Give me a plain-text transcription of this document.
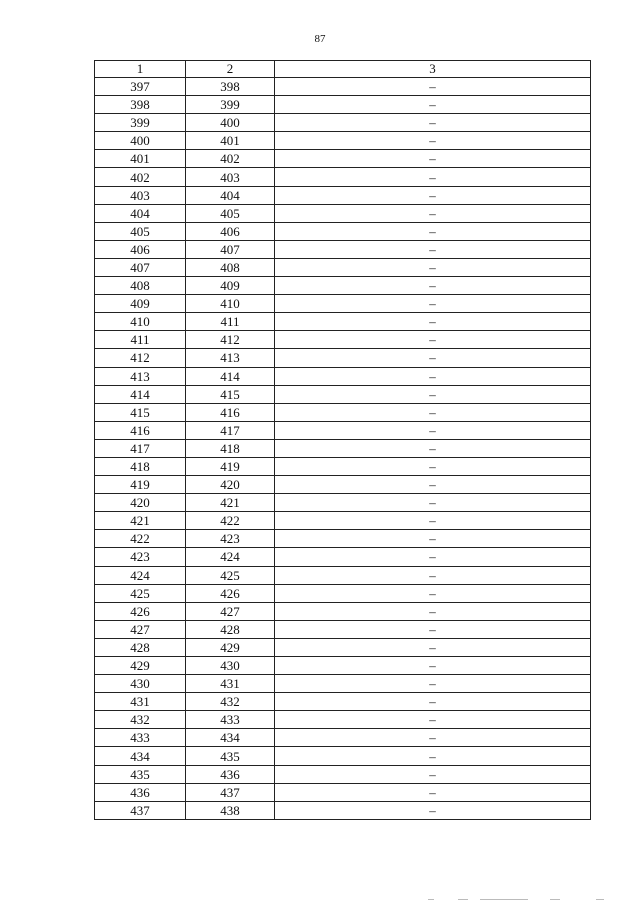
87
1	2	3
397	398	–
398	399	–
399	400	–
400	401	–
401	402	–
402	403	–
403	404	–
404	405	–
405	406	–
406	407	–
407	408	–
408	409	–
409	410	–
410	411	–
411	412	–
412	413	–
413	414	–
414	415	–
415	416	–
416	417	–
417	418	–
418	419	–
419	420	–
420	421	–
421	422	–
422	423	–
423	424	–
424	425	–
425	426	–
426	427	–
427	428	–
428	429	–
429	430	–
430	431	–
431	432	–
432	433	–
433	434	–
434	435	–
435	436	–
436	437	–
437	438	–
